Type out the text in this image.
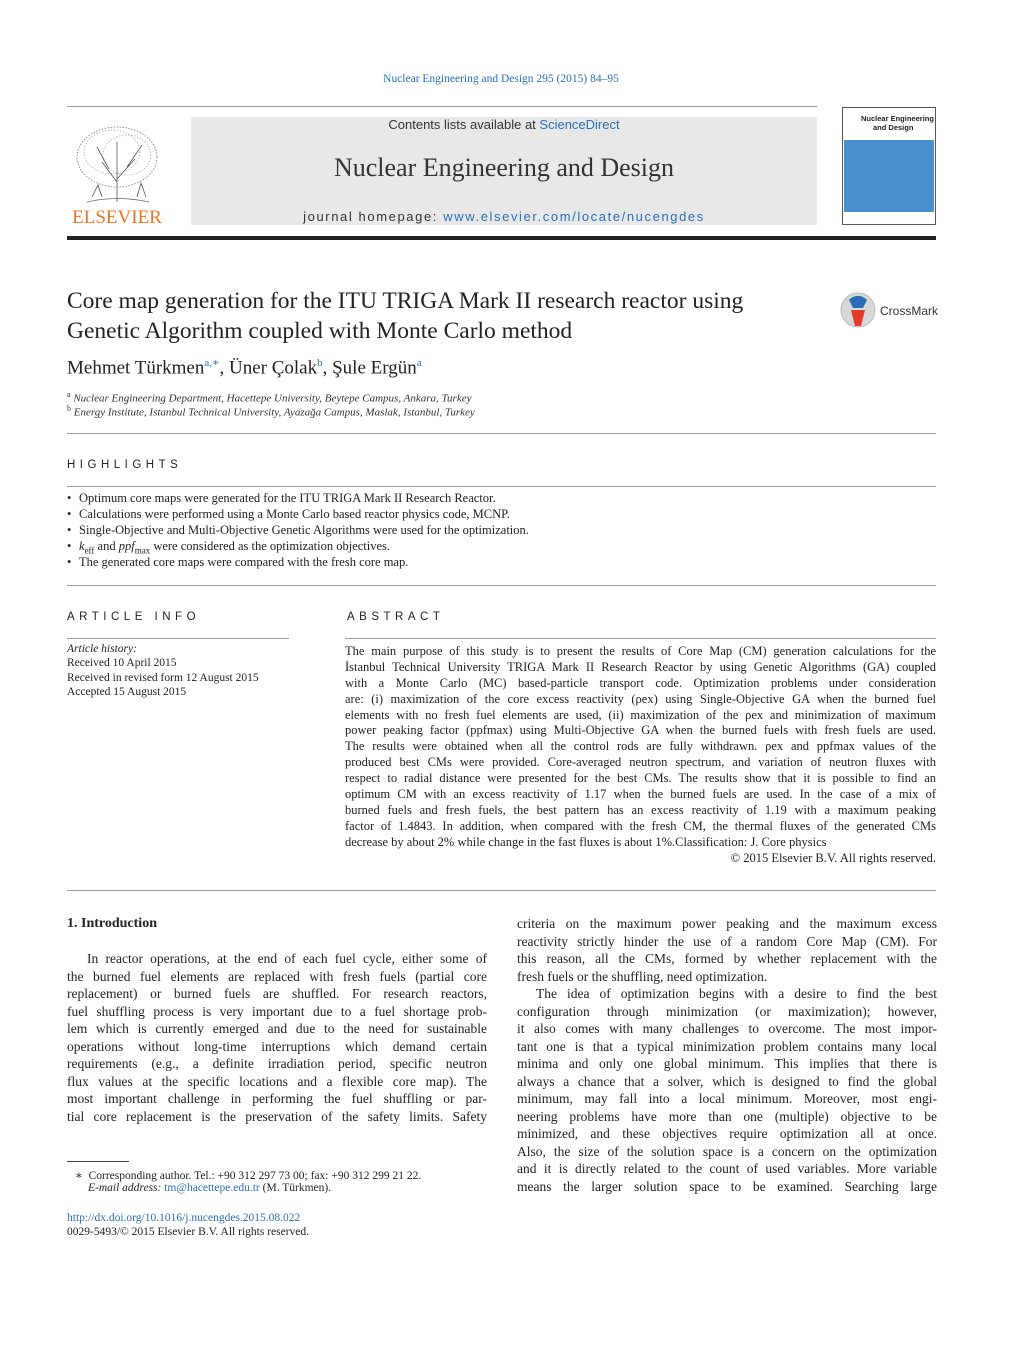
Nuclear Engineering and Design 295 (2015) 84–95
ELSEVIER
Contents lists available at ScienceDirect
Nuclear Engineering and Design
journal homepage: www.elsevier.com/locate/nucengdes
Nuclear Engineering
and Design
Core map generation for the ITU TRIGA Mark II research reactor using
Genetic Algorithm coupled with Monte Carlo method
CrossMark
Mehmet Türkmen$^{a,∗}$, Üner Çolak$^b$, Şule Ergün$^a$
$^a$ Nuclear Engineering Department, Hacettepe University, Beytepe Campus, Ankara, Turkey
$^b$ Energy Institute, Istanbul Technical University, Ayazağa Campus, Maslak, Istanbul, Turkey
HIGHLIGHTS
• Optimum core maps were generated for the ITU TRIGA Mark II Research Reactor.
• Calculations were performed using a Monte Carlo based reactor physics code, MCNP.
• Single-Objective and Multi-Objective Genetic Algorithms were used for the optimization.
• $k_{eff}$ and ppf$_{max}$ were considered as the optimization objectives.
• The generated core maps were compared with the fresh core map.
ARTICLE INFO
Article history:
Received 10 April 2015
Received in revised form 12 August 2015
Accepted 15 August 2015
ABSTRACT
The main purpose of this study is to present the results of Core Map (CM) generation calculations for the
İstanbul Technical University TRIGA Mark II Research Reactor by using Genetic Algorithms (GA) coupled
with a Monte Carlo (MC) based-particle transport code. Optimization problems under consideration
are: (i) maximization of the core excess reactivity (ρex) using Single-Objective GA when the burned fuel
elements with no fresh fuel elements are used, (ii) maximization of the ρex and minimization of maximum
power peaking factor (ppfmax) using Multi-Objective GA when the burned fuels with fresh fuels are used.
The results were obtained when all the control rods are fully withdrawn. ρex and ppfmax values of the
produced best CMs were provided. Core-averaged neutron spectrum, and variation of neutron fluxes with
respect to radial distance were presented for the best CMs. The results show that it is possible to find an
optimum CM with an excess reactivity of 1.17 when the burned fuels are used. In the case of a mix of
burned fuels and fresh fuels, the best pattern has an excess reactivity of 1.19 with a maximum peaking
factor of 1.4843. In addition, when compared with the fresh CM, the thermal fluxes of the generated CMs
decrease by about 2% while change in the fast fluxes is about 1%.Classification: J. Core physics
© 2015 Elsevier B.V. All rights reserved.
1. Introduction
In reactor operations, at the end of each fuel cycle, either some of
the burned fuel elements are replaced with fresh fuels (partial core
replacement) or burned fuels are shuffled. For research reactors,
fuel shuffling process is very important due to a fuel shortage prob-
lem which is currently emerged and due to the need for sustainable
operations without long-time interruptions which demand certain
requirements (e.g., a definite irradiation period, specific neutron
flux values at the specific locations and a flexible core map). The
most important challenge in performing the fuel shuffling or par-
tial core replacement is the preservation of the safety limits. Safety
criteria on the maximum power peaking and the maximum excess
reactivity strictly hinder the use of a random Core Map (CM). For
this reason, all the CMs, formed by whether replacement with the
fresh fuels or the shuffling, need optimization.
The idea of optimization begins with a desire to find the best
configuration through minimization (or maximization); however,
it also comes with many challenges to overcome. The most impor-
tant one is that a typical minimization problem contains many local
minima and only one global minimum. This implies that there is
always a chance that a solver, which is designed to find the global
minimum, may fall into a local minimum. Moreover, most engi-
neering problems have more than one (multiple) objective to be
minimized, and these objectives require optimization all at once.
Also, the size of the solution space is a concern on the optimization
and it is directly related to the count of used variables. More variable
means the larger solution space to be examined. Searching large
∗ Corresponding author. Tel.: +90 312 297 73 00; fax: +90 312 299 21 22.
E-mail address: tm@hacettepe.edu.tr (M. Türkmen).
http://dx.doi.org/10.1016/j.nucengdes.2015.08.022
0029-5493/© 2015 Elsevier B.V. All rights reserved.
